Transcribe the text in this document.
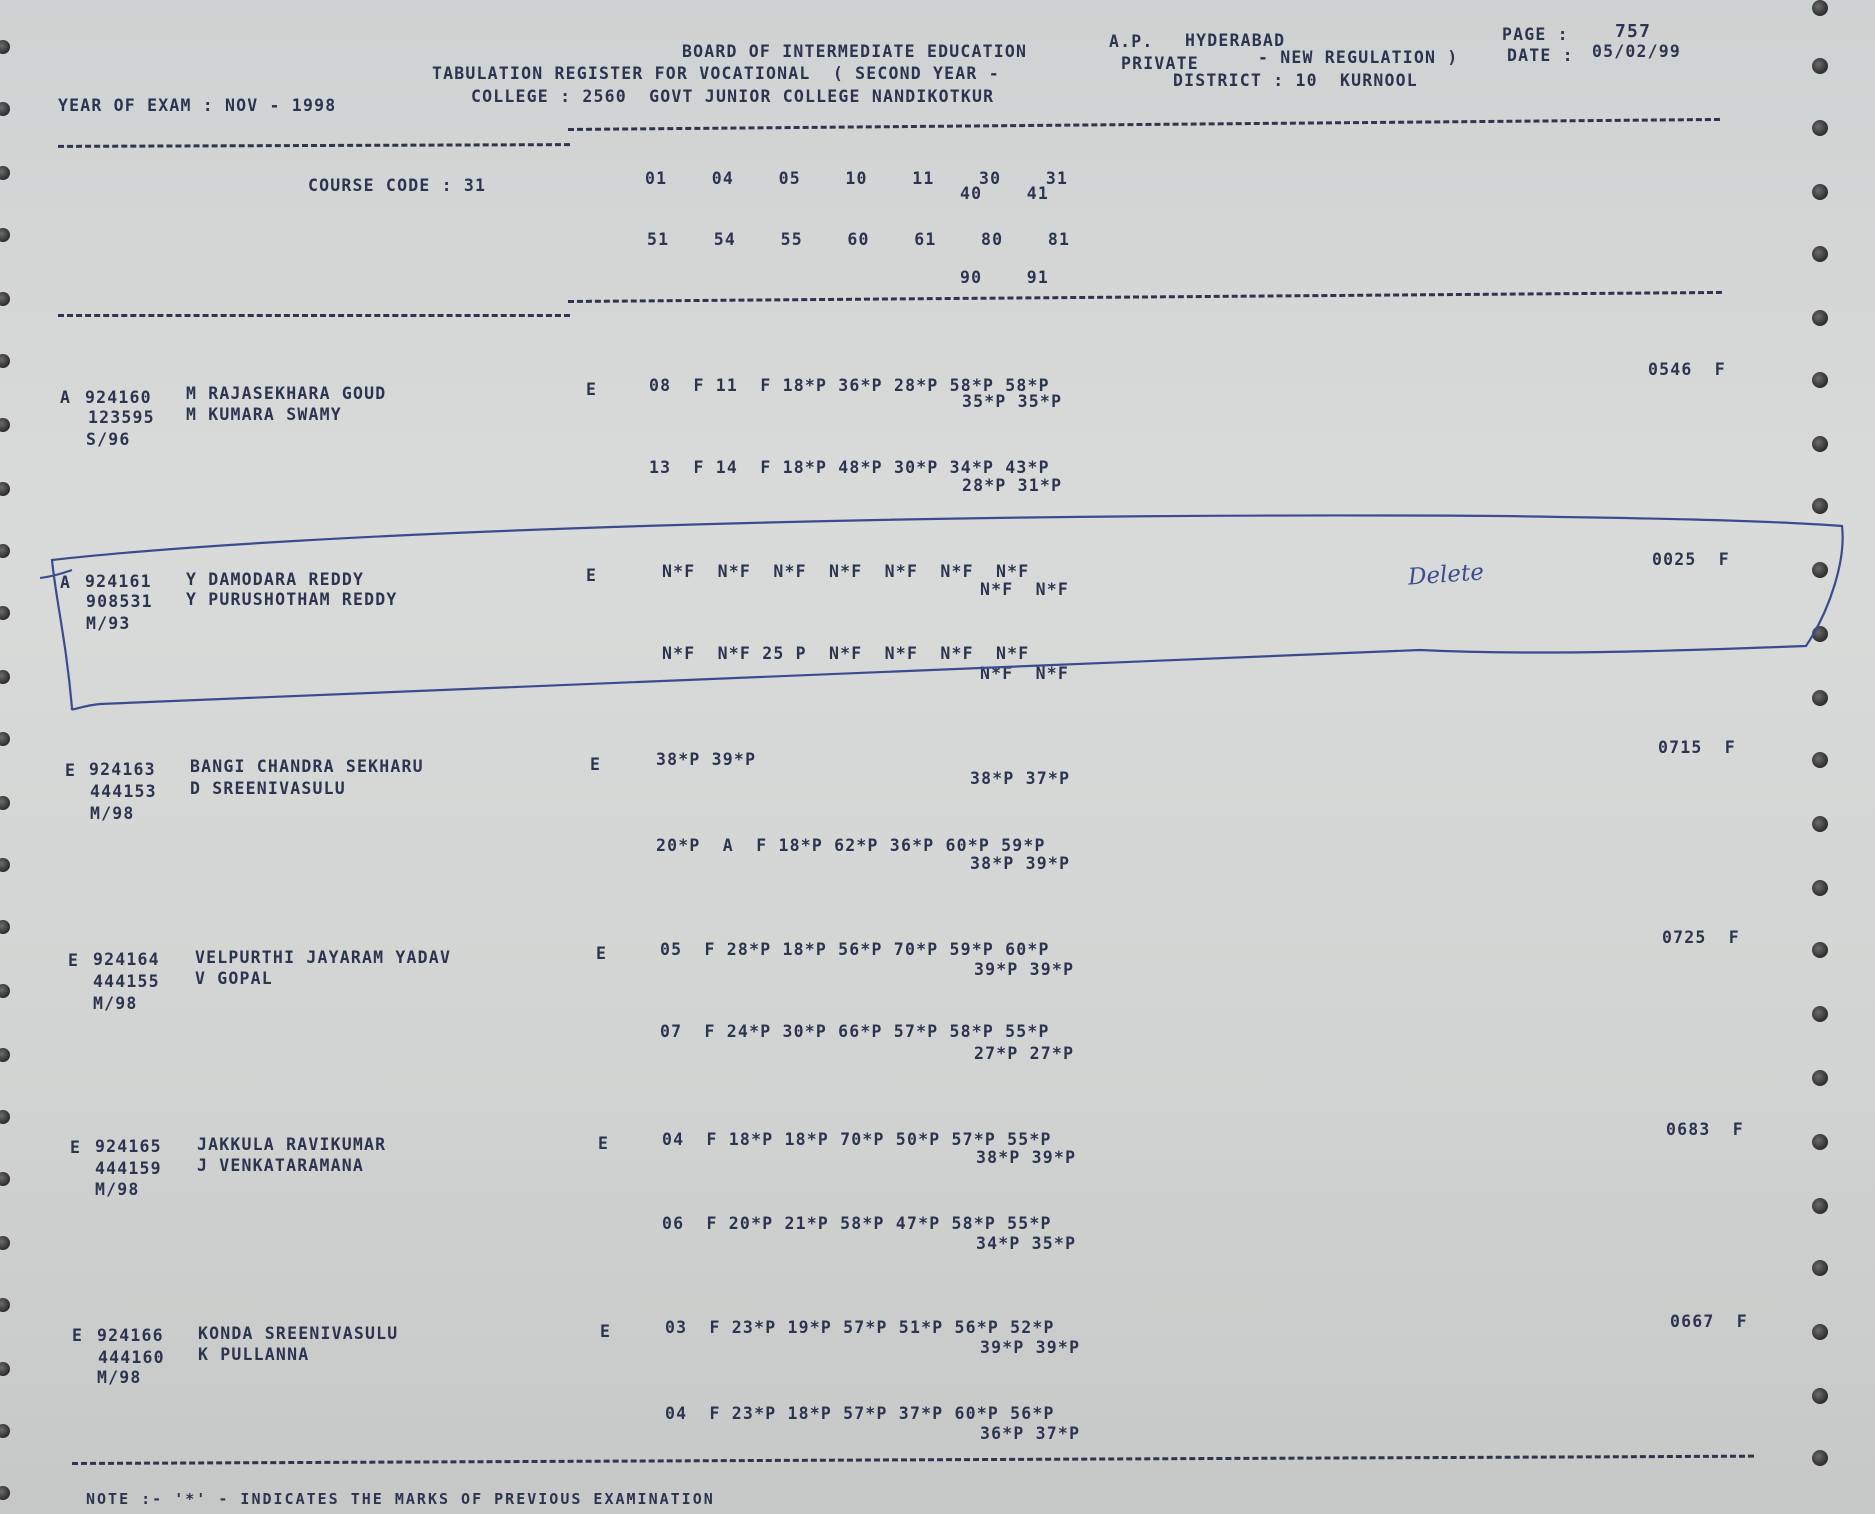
BOARD OF INTERMEDIATE EDUCATION
A.P. HYDERABAD	PAGE :	757
TABULATION REGISTER FOR VOCATIONAL  ( SECOND YEAR -
PRIVATE	- NEW REGULATION )	DATE : 05/02/99
YEAR OF EXAM : NOV - 1998	COLLEGE : 2560  GOVT JUNIOR COLLEGE NANDIKOTKUR
DISTRICT : 10  KURNOOL
COURSE CODE : 31	01    04    05    10    11    30    31
40    41
51    54    55    60    61    80    81
90    91
A 924160 M RAJASEKHARA GOUD
123595 M KUMARA SWAMY
S/96
E	08  F 11  F 18*P 36*P 28*P 58*P 58*P
35*P 35*P
13  F 14  F 18*P 48*P 30*P 34*P 43*P
28*P 31*P
0546  F
A 924161 Y DAMODARA REDDY
908531 Y PURUSHOTHAM REDDY
M/93
E	N*F  N*F  N*F  N*F  N*F  N*F  N*F
N*F  N*F
N*F  N*F 25 P  N*F  N*F  N*F  N*F
N*F  N*F
0025  F
E 924163 BANGI CHANDRA SEKHARU
444153 D SREENIVASULU
M/98
E	38*P 39*P
38*P 37*P
20*P  A  F 18*P 62*P 36*P 60*P 59*P
38*P 39*P
0715  F
E 924164 VELPURTHI JAYARAM YADAV
444155 V GOPAL
M/98
E	05  F 28*P 18*P 56*P 70*P 59*P 60*P
39*P 39*P
07  F 24*P 30*P 66*P 57*P 58*P 55*P
27*P 27*P
0725  F
E 924165 JAKKULA RAVIKUMAR
444159 J VENKATARAMANA
M/98
E	04  F 18*P 18*P 70*P 50*P 57*P 55*P
38*P 39*P
06  F 20*P 21*P 58*P 47*P 58*P 55*P
34*P 35*P
0683  F
E 924166 KONDA SREENIVASULU
444160 K PULLANNA
M/98
E	03  F 23*P 19*P 57*P 51*P 56*P 52*P
39*P 39*P
04  F 23*P 18*P 57*P 37*P 60*P 56*P
36*P 37*P
0667  F
NOTE :- '*' - INDICATES THE MARKS OF PREVIOUS EXAMINATION
Delete
